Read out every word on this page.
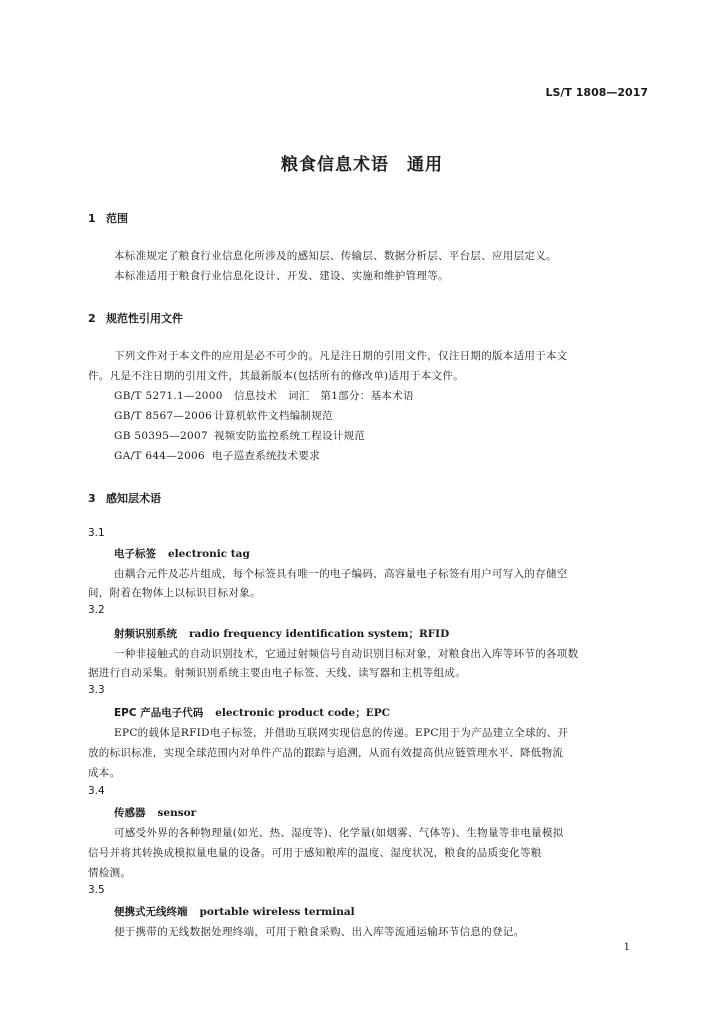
LS/T 1808—2017
粮食信息术语　通用
1 范围
本标准规定了粮食行业信息化所涉及的感知层、传输层、数据分析层、平台层、应用层定义。
本标准适用于粮食行业信息化设计、开发、建设、实施和维护管理等。
2 规范性引用文件
下列文件对于本文件的应用是必不可少的。凡是注日期的引用文件，仅注日期的版本适用于本文
件。凡是不注日期的引用文件，其最新版本(包括所有的修改单)适用于本文件。
GB/T 5271.1—2000 信息技术　词汇　第1部分：基本术语
GB/T 8567—2006 计算机软件文档编制规范
GB 50395—2007 视频安防监控系统工程设计规范
GA/T 644—2006 电子巡查系统技术要求
3 感知层术语
3.1
电子标签 electronic tag
由耦合元件及芯片组成，每个标签具有唯一的电子编码，高容量电子标签有用户可写入的存储空
间，附着在物体上以标识目标对象。
3.2
射频识别系统 radio frequency identification system；RFID
一种非接触式的自动识别技术，它通过射频信号自动识别目标对象，对粮食出入库等环节的各项数
据进行自动采集。射频识别系统主要由电子标签、天线、读写器和主机等组成。
3.3
EPC 产品电子代码 electronic product code；EPC
EPC的载体是RFID电子标签，并借助互联网实现信息的传递。EPC用于为产品建立全球的、开
放的标识标准，实现全球范围内对单件产品的跟踪与追溯，从而有效提高供应链管理水平、降低物流
成本。
3.4
传感器 sensor
可感受外界的各种物理量(如光、热、湿度等)、化学量(如烟雾、气体等)、生物量等非电量模拟
信号并将其转换成模拟量电量的设备。可用于感知粮库的温度、湿度状况，粮食的品质变化等粮
情检测。
3.5
便携式无线终端 portable wireless terminal
便于携带的无线数据处理终端，可用于粮食采购、出入库等流通运输环节信息的登记。
1
